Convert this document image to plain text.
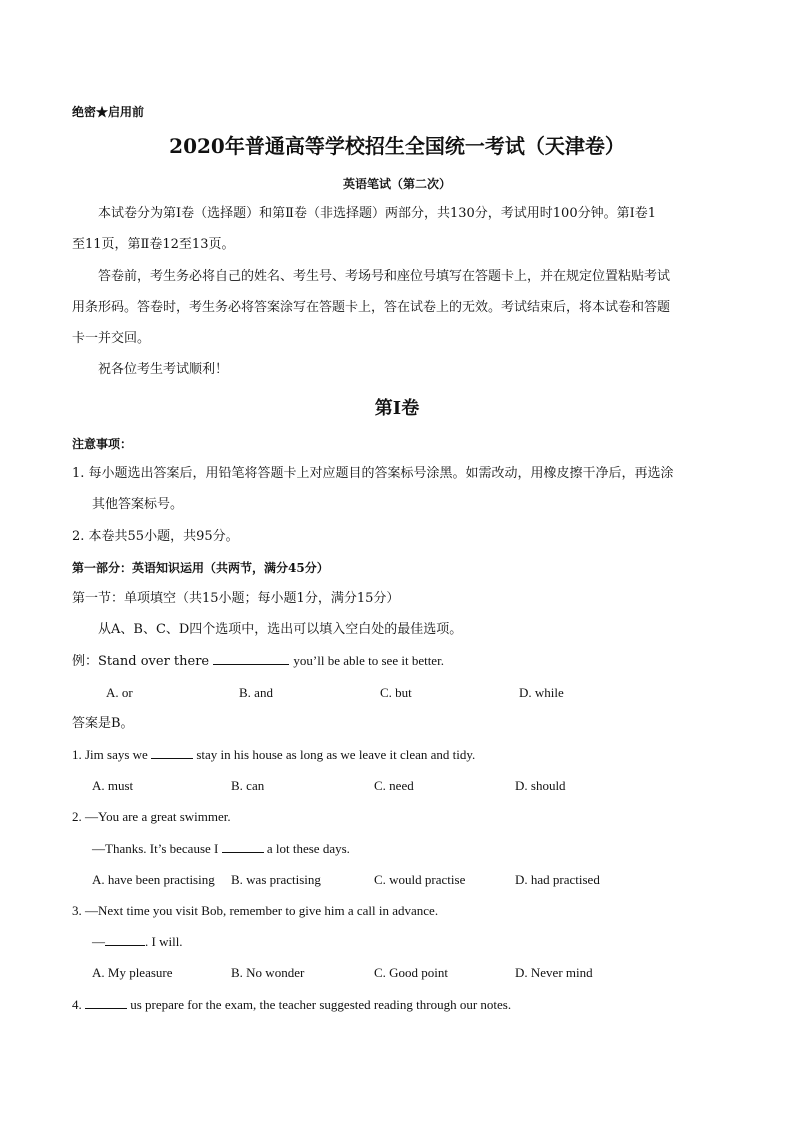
绝密★启用前
2020年普通高等学校招生全国统一考试（天津卷）
英语笔试（第二次）
本试卷分为第Ⅰ卷（选择题）和第Ⅱ卷（非选择题）两部分，共130分，考试用时100分钟。第Ⅰ卷1
至11页，第Ⅱ卷12至13页。
答卷前，考生务必将自己的姓名、考生号、考场号和座位号填写在答题卡上，并在规定位置粘贴考试
用条形码。答卷时，考生务必将答案涂写在答题卡上，答在试卷上的无效。考试结束后，将本试卷和答题
卡一并交回。
祝各位考生考试顺利！
第Ⅰ卷
注意事项：
1. 每小题选出答案后，用铅笔将答题卡上对应题目的答案标号涂黑。如需改动，用橡皮擦干净后，再选涂
其他答案标号。
2. 本卷共55小题，共95分。
第一部分：英语知识运用（共两节，满分45分）
第一节：单项填空（共15小题；每小题1分，满分15分）
从A、B、C、D四个选项中，选出可以填入空白处的最佳选项。
例：Stand over there	you’ll be able to see it better.
A. or	B. and	C. but	D. while
答案是B。
1. Jim says we	stay in his house as long as we leave it clean and tidy.
A. must	B. can	C. need	D. should
2. —You are a great swimmer.
—Thanks. It’s because I	a lot these days.
A. have been practising B. was practising	C. would practise	D. had practised
3. —Next time you visit Bob, remember to give him a call in advance.
—	. I will.
A. My pleasure	B. No wonder	C. Good point	D. Never mind
4.	us prepare for the exam, the teacher suggested reading through our notes.
